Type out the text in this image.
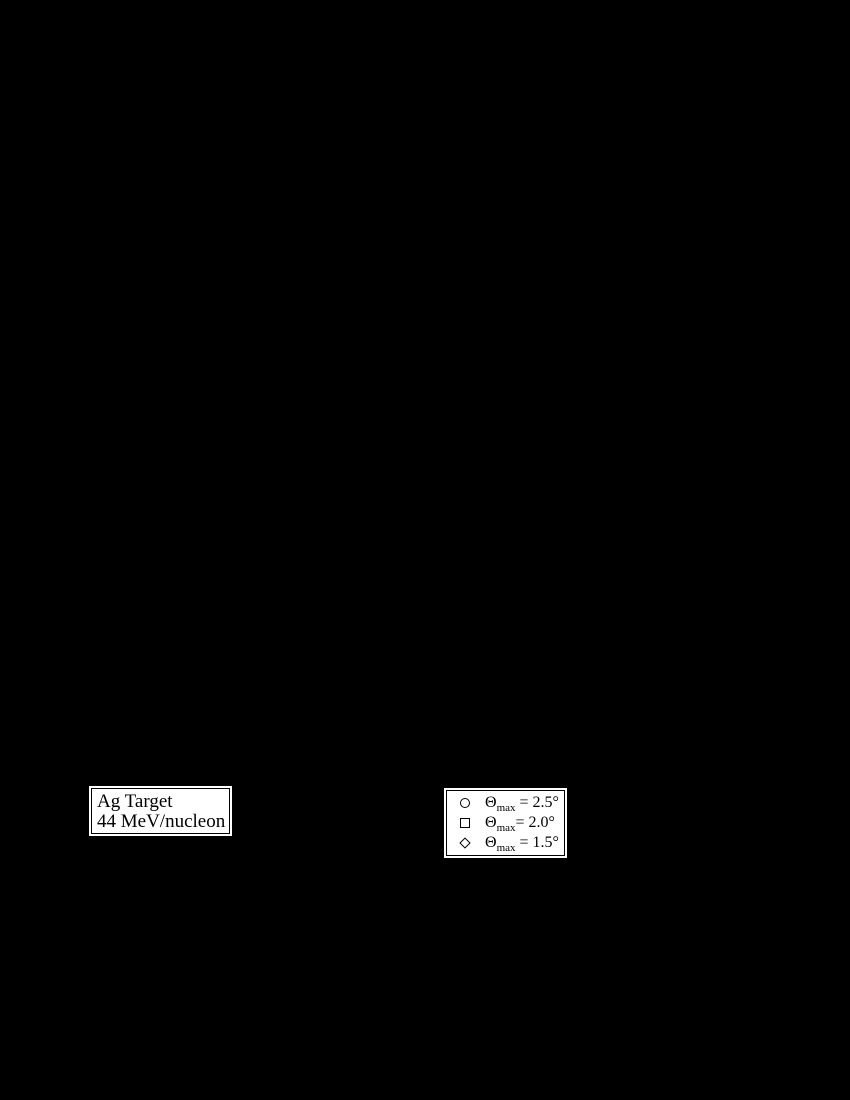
Ag Target
44 MeV/nucleon
$\Theta_{max} = 2.5^\circ$
$\Theta_{max}= 2.0^\circ$
$\Theta_{max} = 1.5^\circ$
